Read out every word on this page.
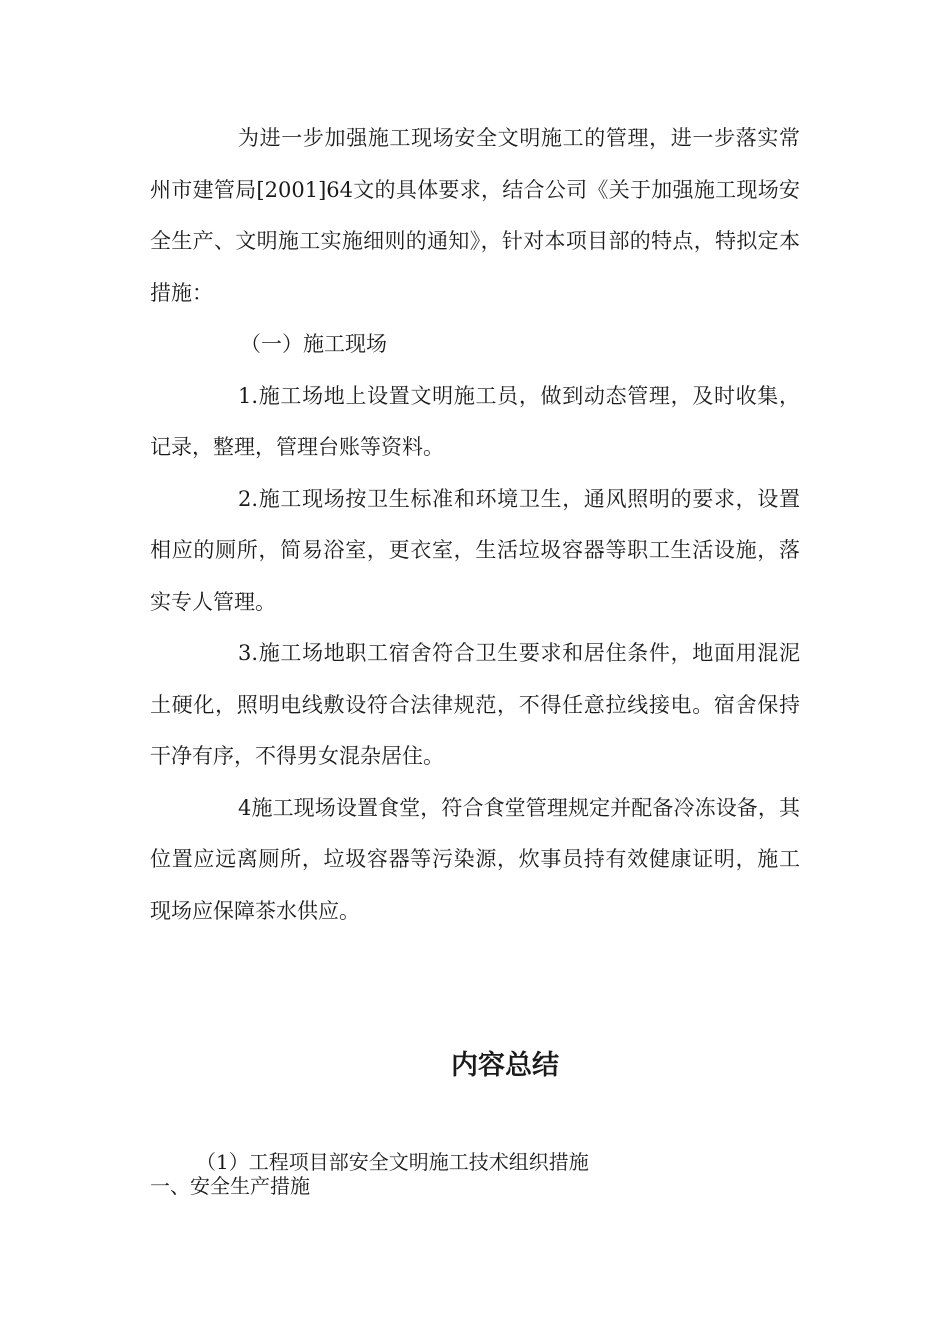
为进一步加强施工现场安全文明施工的管理，进一步落实常州市建管局[2001]64文的具体要求，结合公司《关于加强施工现场安全生产、文明施工实施细则的通知》，针对本项目部的特点，特拟定本措施：

（一）施工现场

1.施工场地上设置文明施工员，做到动态管理，及时收集，记录，整理，管理台账等资料。

2.施工现场按卫生标准和环境卫生，通风照明的要求，设置相应的厕所，简易浴室，更衣室，生活垃圾容器等职工生活设施，落实专人管理。

3.施工场地职工宿舍符合卫生要求和居住条件，地面用混泥土硬化，照明电线敷设符合法律规范，不得任意拉线接电。宿舍保持干净有序，不得男女混杂居住。

4施工现场设置食堂，符合食堂管理规定并配备冷冻设备，其位置应远离厕所，垃圾容器等污染源，炊事员持有效健康证明，施工现场应保障茶水供应。

内容总结

（1）工程项目部安全文明施工技术组织措施

一、安全生产措施
